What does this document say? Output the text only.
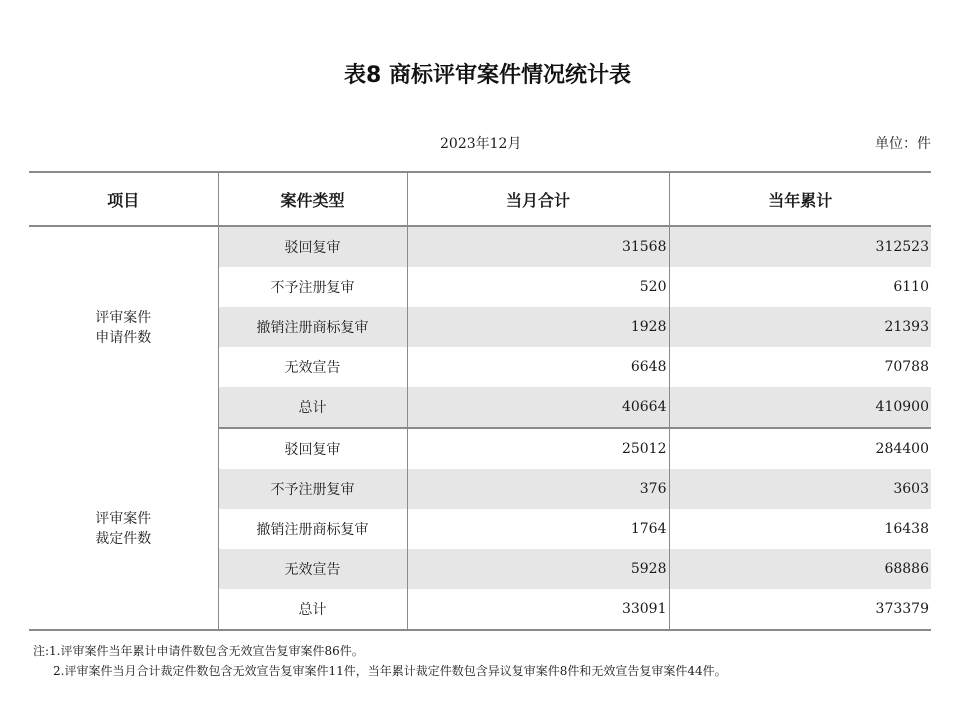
表8 商标评审案件情况统计表
2023年12月	单位：件
项目	案件类型	当月合计	当年累计

评审案件
申请件数	驳回复审	31568	312523
	不予注册复审	520	6110
	撤销注册商标复审	1928	21393
	无效宣告	6648	70788
	总计	40664	410900

评审案件
裁定件数	驳回复审	25012	284400
	不予注册复审	376	3603
	撤销注册商标复审	1764	16438
	无效宣告	5928	68886
	总计	33091	373379
注:1.评审案件当年累计申请件数包含无效宣告复审案件86件。
2.评审案件当月合计裁定件数包含无效宣告复审案件11件，当年累计裁定件数包含异议复审案件8件和无效宣告复审案件44件。
